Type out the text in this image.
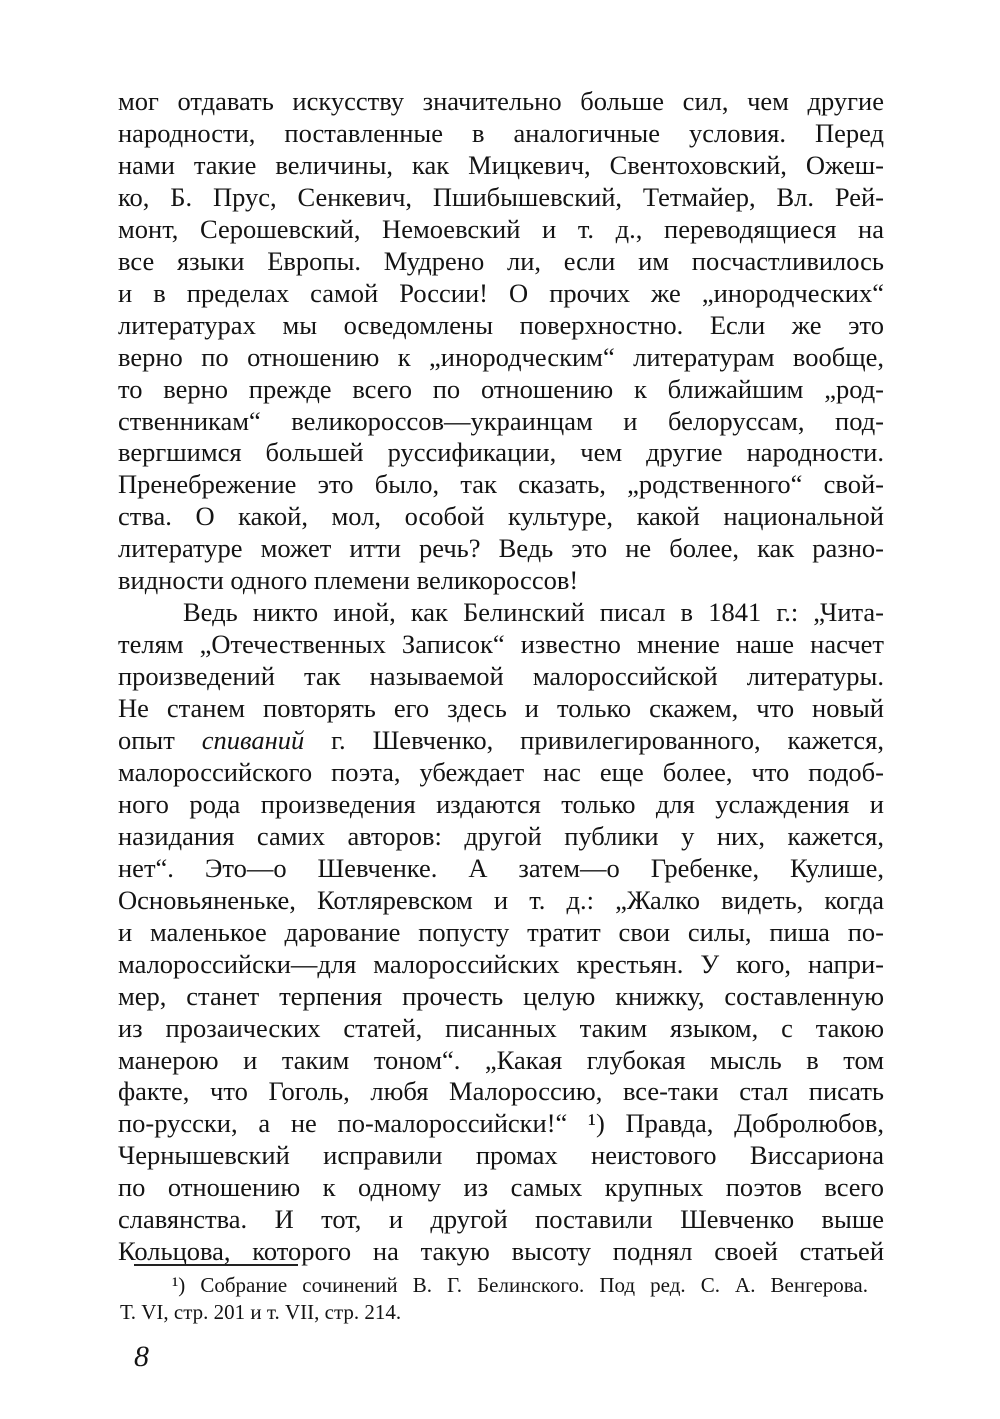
мог отдавать искусству значительно больше сил, чем другие
народности, поставленные в аналогичные условия. Перед
нами такие величины, как Мицкевич, Свентоховский, Ожеш-
ко, Б. Прус, Сенкевич, Пшибышевский, Тетмайер, Вл. Рей-
монт, Серошевский, Немоевский и т. д., переводящиеся на
все языки Европы. Мудрено ли, если им посчастливилось
и в пределах самой России! О прочих же „инородческих“
литературах мы осведомлены поверхностно. Если же это
верно по отношению к „инородческим“ литературам вообще,
то верно прежде всего по отношению к ближайшим „род-
ственникам“ великороссов—украинцам и белоруссам, под-
вергшимся большей руссификации, чем другие народности.
Пренебрежение это было, так сказать, „родственного“ свой-
ства. О какой, мол, особой культуре, какой национальной
литературе может итти речь? Ведь это не более, как разно-
видности одного племени великороссов!
Ведь никто иной, как Белинский писал в 1841 г.: „Чита-
телям „Отечественных Записок“ известно мнение наше насчет
произведений так называемой малороссийской литературы.
Не станем повторять его здесь и только скажем, что новый
опыт спиваний г. Шевченко, привилегированного, кажется,
малороссийского поэта, убеждает нас еще более, что подоб-
ного рода произведения издаются только для услаждения и
назидания самих авторов: другой публики у них, кажется,
нет“. Это—о Шевченке. А затем—о Гребенке, Кулише,
Основьяненьке, Котляревском и т. д.: „Жалко видеть, когда
и маленькое дарование попусту тратит свои силы, пиша по-
малороссийски—для малороссийских крестьян. У кого, напри-
мер, станет терпения прочесть целую книжку, составленную
из прозаических статей, писанных таким языком, с такою
манерою и таким тоном“. „Какая глубокая мысль в том
факте, что Гоголь, любя Малороссию, все-таки стал писать
по-русски, а не по-малороссийски!“ ¹) Правда, Добролюбов,
Чернышевский исправили промах неистового Виссариона
по отношению к одному из самых крупных поэтов всего
славянства. И тот, и другой поставили Шевченко выше
Кольцова, которого на такую высоту поднял своей статьей
¹) Собрание сочинений В. Г. Белинского. Под ред. С. А. Венгерова.
Т. VI, стр. 201 и т. VII, стр. 214.
8
